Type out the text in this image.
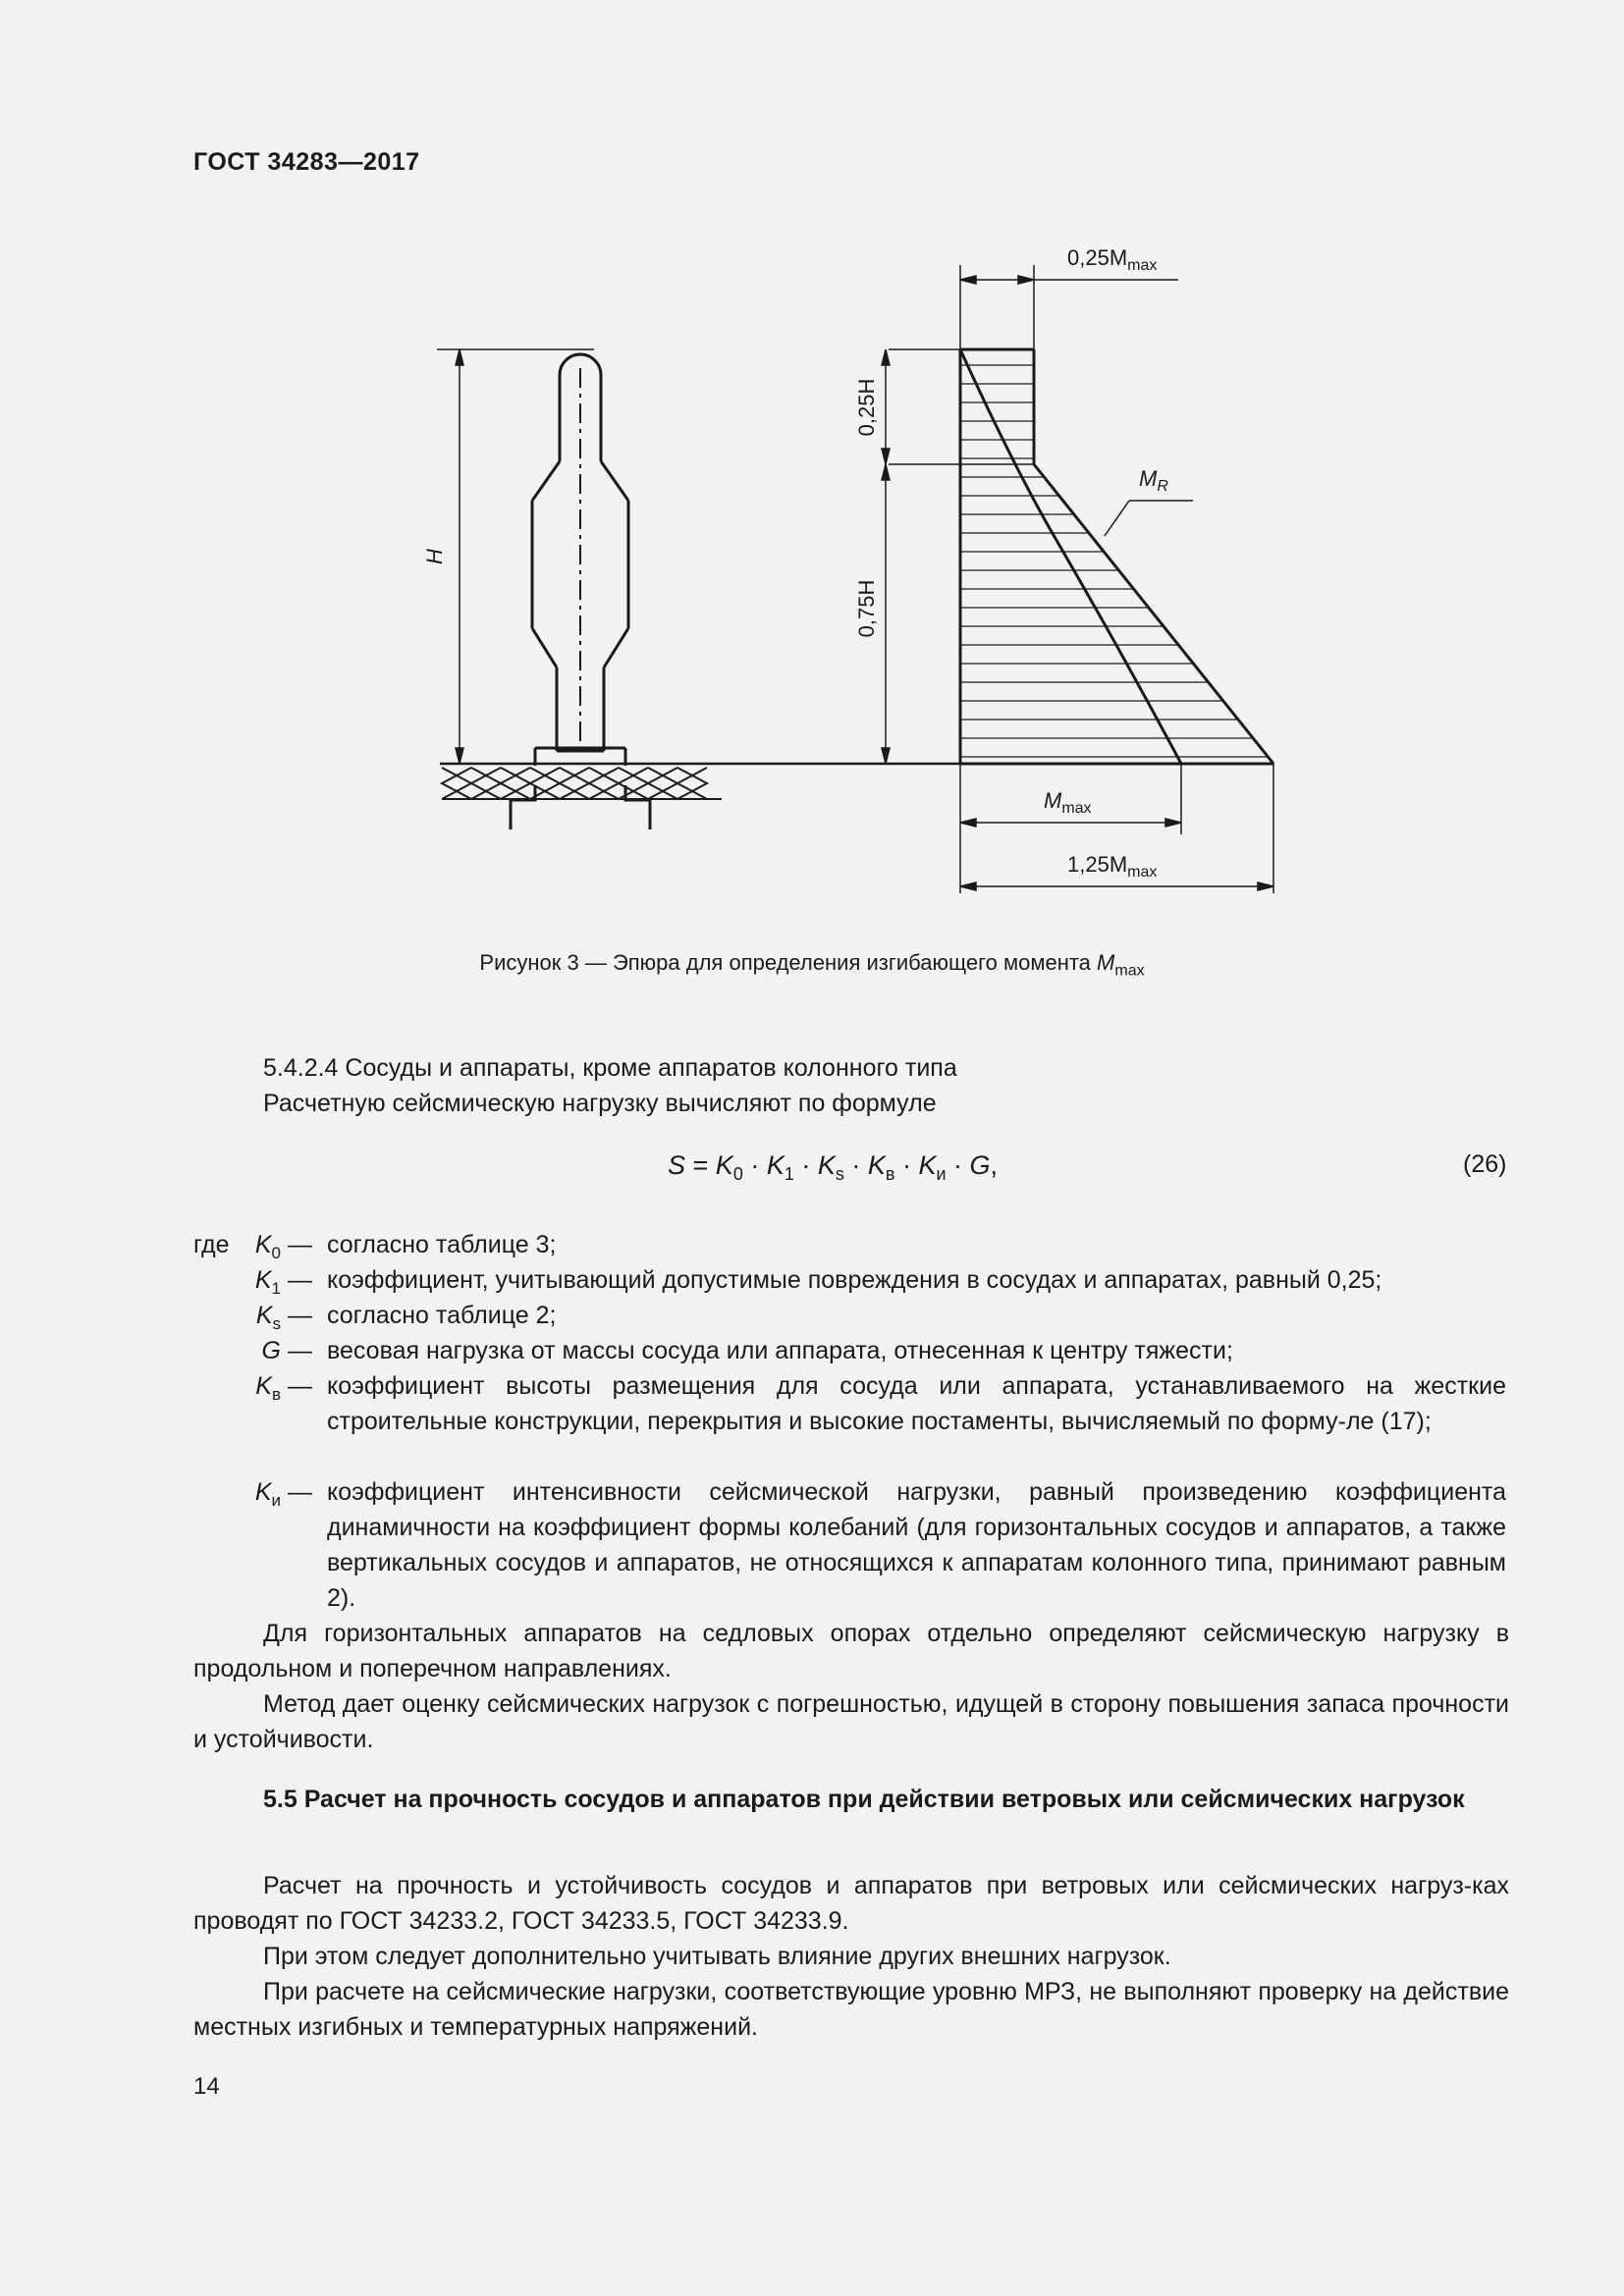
ГОСТ 34283—2017
H
$0,25M_{max}$
0,25H
0,75H
$M_R$
$M_{max}$
$1,25M_{max}$
Рисунок 3 — Эпюра для определения изгибающего момента $M_{max}$
5.4.2.4 Сосуды и аппараты, кроме аппаратов колонного типа
Расчетную сейсмическую нагрузку вычисляют по формуле
$S = K_0 \cdot K_1 \cdot K_s \cdot K_в \cdot K_и \cdot G$,	(26)
где	$K_0$ — согласно таблице 3;
$K_1$ — коэффициент, учитывающий допустимые повреждения в сосудах и аппаратах, равный 0,25;
$K_s$ — согласно таблице 2;
G — весовая нагрузка от массы сосуда или аппарата, отнесенная к центру тяжести;
$K_в$ — коэффициент высоты размещения для сосуда или аппарата, устанавливаемого на жесткие строительные конструкции, перекрытия и высокие постаменты, вычисляемый по форму-ле (17);
$K_и$ — коэффициент интенсивности сейсмической нагрузки, равный произведению коэффициента динамичности на коэффициент формы колебаний (для горизонтальных сосудов и аппаратов, а также вертикальных сосудов и аппаратов, не относящихся к аппаратам колонного типа, принимают равным 2).
Для горизонтальных аппаратов на седловых опорах отдельно определяют сейсмическую нагрузку в продольном и поперечном направлениях.
Метод дает оценку сейсмических нагрузок с погрешностью, идущей в сторону повышения запаса прочности и устойчивости.
5.5 Расчет на прочность сосудов и аппаратов при действии ветровых или сейсмических нагрузок
Расчет на прочность и устойчивость сосудов и аппаратов при ветровых или сейсмических нагруз-ках проводят по ГОСТ 34233.2, ГОСТ 34233.5, ГОСТ 34233.9.
При этом следует дополнительно учитывать влияние других внешних нагрузок.
При расчете на сейсмические нагрузки, соответствующие уровню МРЗ, не выполняют проверку на действие местных изгибных и температурных напряжений.
14
